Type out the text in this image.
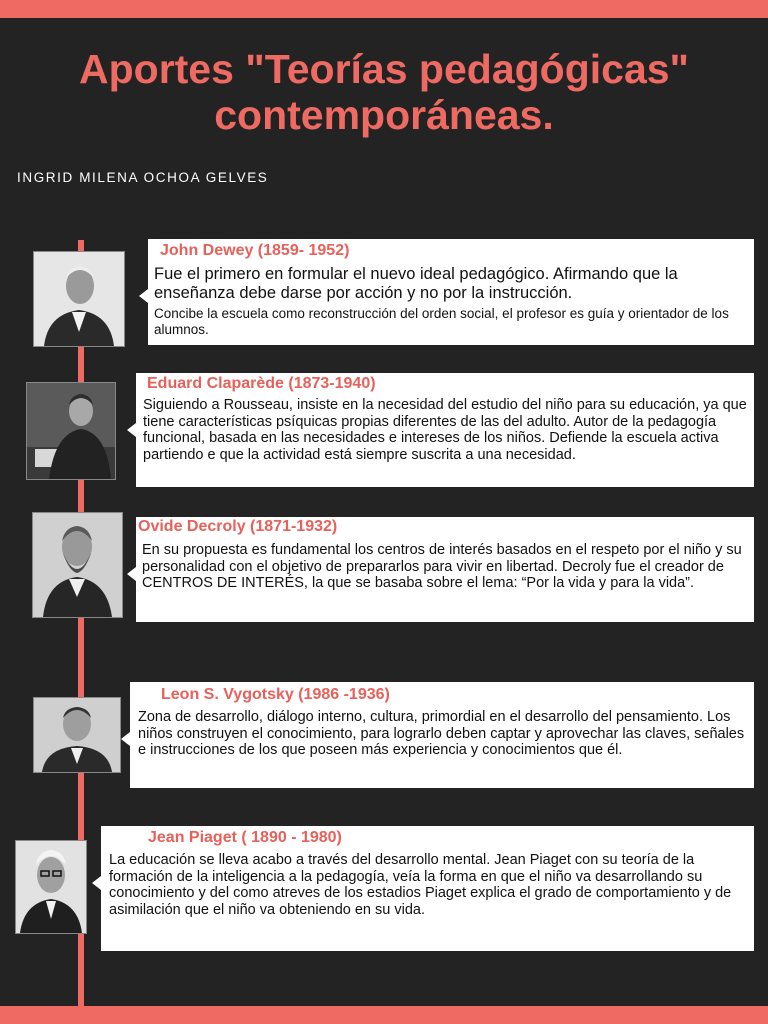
Aportes "Teorías pedagógicas"
contemporáneas.
INGRID MILENA OCHOA GELVES
John Dewey (1859- 1952)
Fue el primero en formular el nuevo ideal pedagógico. Afirmando que la enseñanza debe darse por acción y no por la instrucción.
Concibe la escuela como reconstrucción del orden social, el profesor es guía y orientador de los alumnos.
Eduard Claparède (1873-1940)
Siguiendo a Rousseau, insiste en la necesidad del estudio del niño para su educación, ya que tiene características psíquicas propias diferentes de las del adulto. Autor de la pedagogía funcional, basada en las necesidades e intereses de los niños. Defiende la escuela activa partiendo e que la actividad está siempre suscrita a una necesidad.
Ovide Decroly (1871-1932)
En su propuesta es fundamental los centros de interés basados en el respeto por el niño y su personalidad con el objetivo de prepararlos para vivir en libertad. Decroly fue el creador de CENTROS DE INTERÉS, la que se basaba sobre el lema: “Por la vida y para la vida”.
Leon S. Vygotsky (1986 -1936)
Zona de desarrollo, diálogo interno, cultura, primordial en el desarrollo del pensamiento. Los niños construyen el conocimiento, para lograrlo deben captar y aprovechar las claves, señales e instrucciones de los que poseen más experiencia y conocimientos que él.
Jean Piaget ( 1890 - 1980)
La educación se lleva acabo a través del desarrollo mental. Jean Piaget con su teoría de la formación de la inteligencia a la pedagogía, veía la forma en que el niño va desarrollando su conocimiento y del como atreves de los estadios Piaget explica el grado de comportamiento y de asimilación que el niño va obteniendo en su vida.
